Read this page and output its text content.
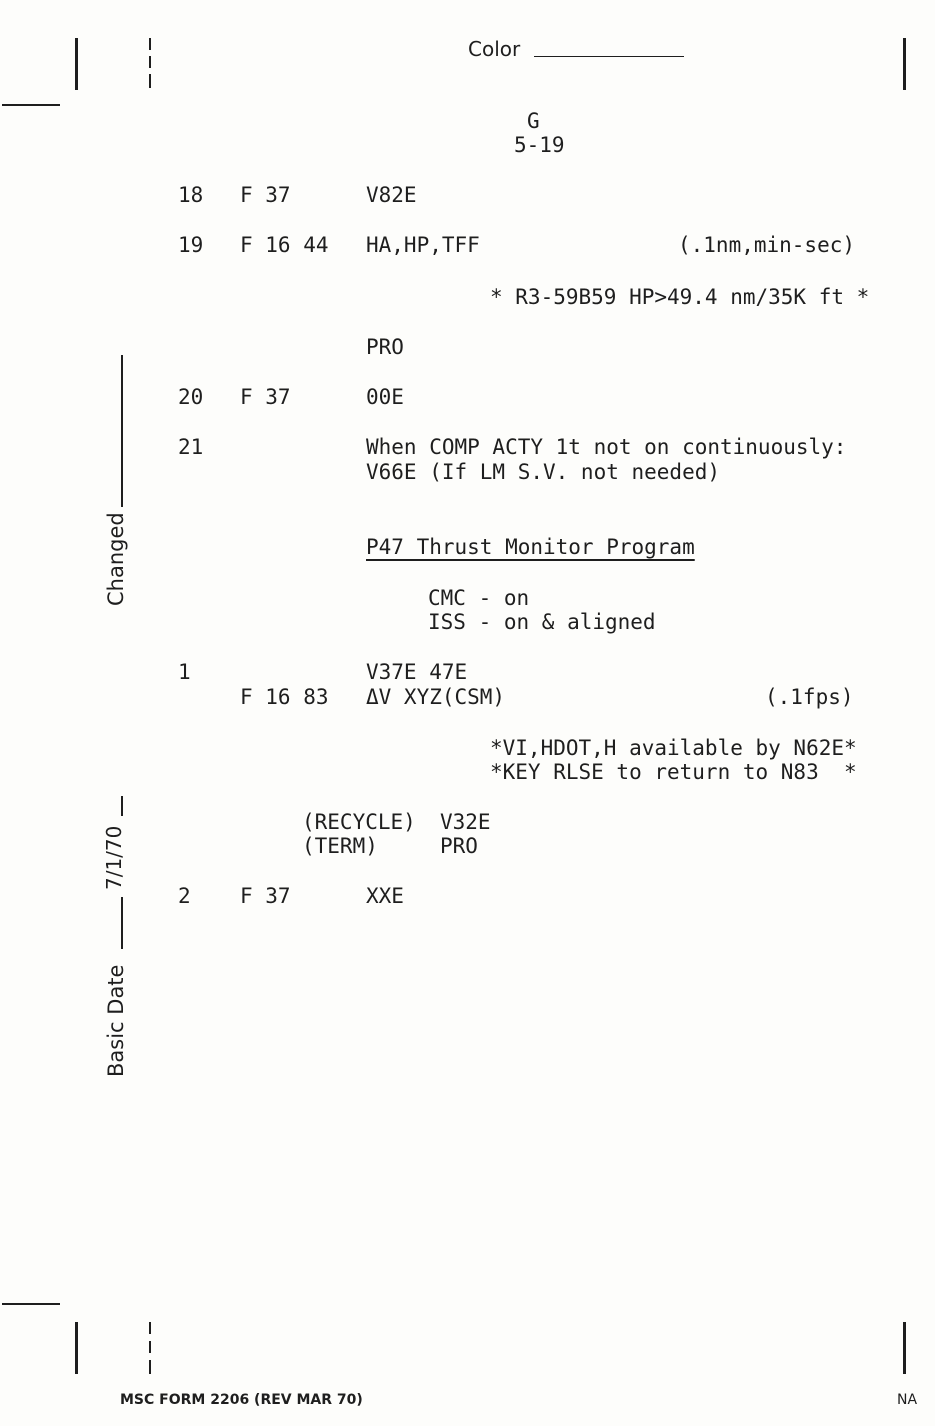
Color
G
5-19
Changed
7/1/70
Basic Date
18 F 37	V82E
19 F 16 44 HA,HP,TFF	(.1nm,min-sec)
* R3-59B59 HP>49.4 nm/35K ft *
PRO
20 F 37	00E
21	When COMP ACTY 1t not on continuously:
V66E (If LM S.V. not needed)
P47 Thrust Monitor Program
CMC - on
ISS - on & aligned
1	V37E 47E
F 16 83 ΔV XYZ(CSM)	(.1fps)
*VI,HDOT,H available by N62E*
*KEY RLSE to return to N83  *
(RECYCLE) V32E
(TERM)	PRO
2 F 37	XXE
MSC FORM 2206 (REV MAR 70)	NA
